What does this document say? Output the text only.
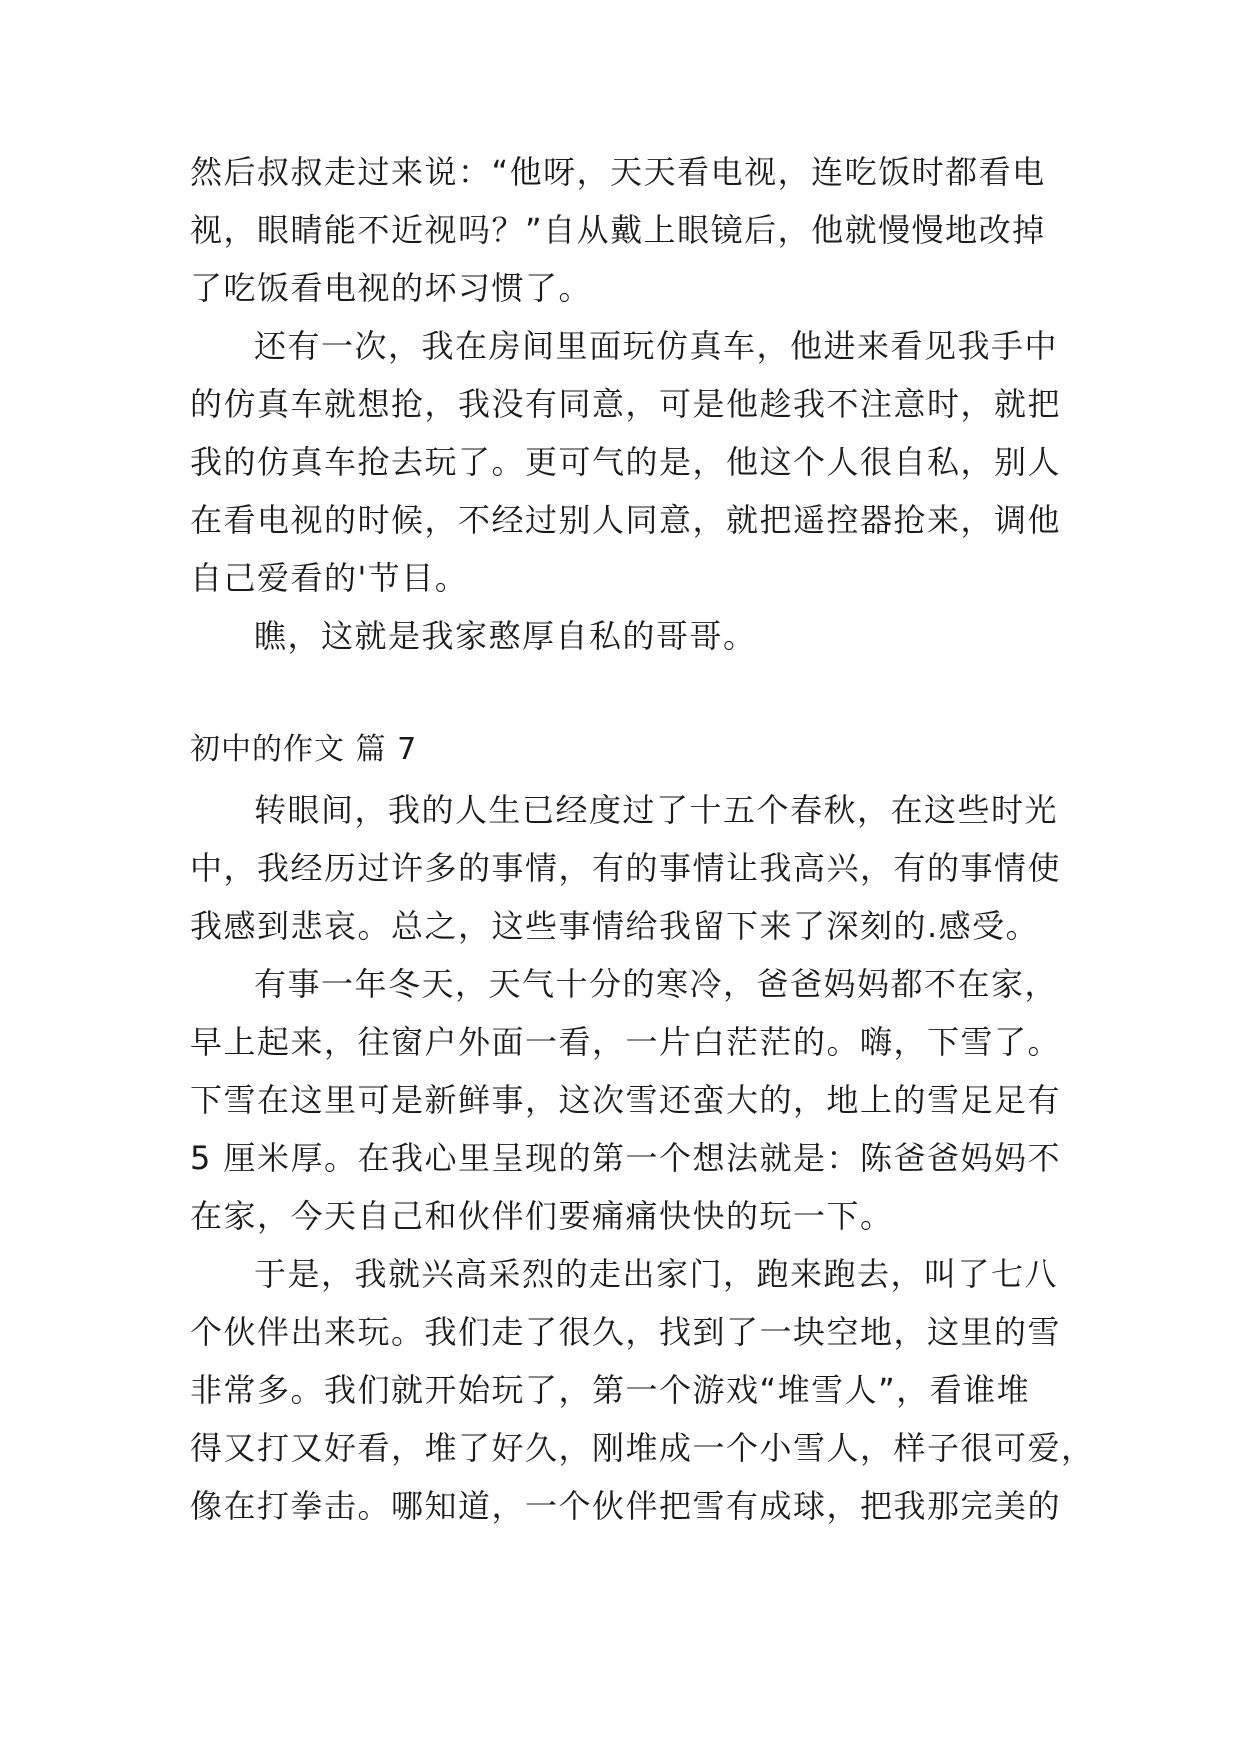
然后叔叔走过来说：“他呀，天天看电视，连吃饭时都看电
视，眼睛能不近视吗？”自从戴上眼镜后，他就慢慢地改掉
了吃饭看电视的坏习惯了。
还有一次，我在房间里面玩仿真车，他进来看见我手中
的仿真车就想抢，我没有同意，可是他趁我不注意时，就把
我的仿真车抢去玩了。更可气的是，他这个人很自私，别人
在看电视的时候，不经过别人同意，就把遥控器抢来，调他
自己爱看的'节目。
瞧，这就是我家憨厚自私的哥哥。
初中的作文 篇 7
转眼间，我的人生已经度过了十五个春秋，在这些时光
中，我经历过许多的事情，有的事情让我高兴，有的事情使
我感到悲哀。总之，这些事情给我留下来了深刻的.感受。
有事一年冬天，天气十分的寒冷，爸爸妈妈都不在家，
早上起来，往窗户外面一看，一片白茫茫的。嗨，下雪了。
下雪在这里可是新鲜事，这次雪还蛮大的，地上的雪足足有
5 厘米厚。在我心里呈现的第一个想法就是：陈爸爸妈妈不
在家，今天自己和伙伴们要痛痛快快的玩一下。
于是，我就兴高采烈的走出家门，跑来跑去，叫了七八
个伙伴出来玩。我们走了很久，找到了一块空地，这里的雪
非常多。我们就开始玩了，第一个游戏“堆雪人”，看谁堆
得又打又好看，堆了好久，刚堆成一个小雪人，样子很可爱，
像在打拳击。哪知道，一个伙伴把雪有成球，把我那完美的
